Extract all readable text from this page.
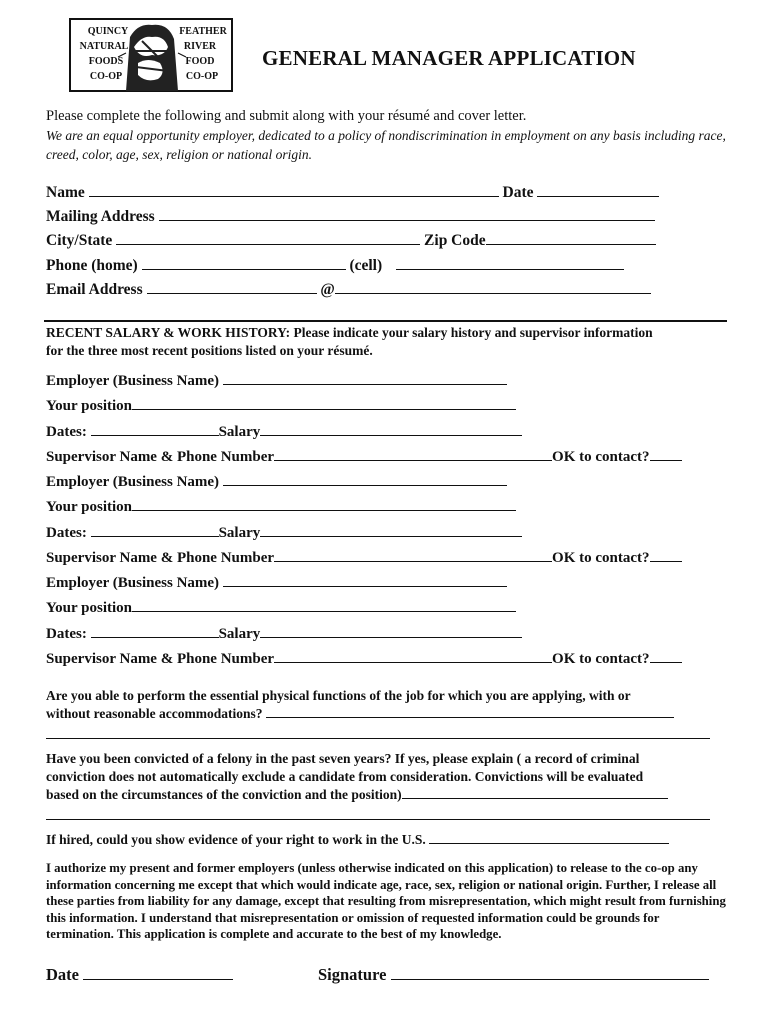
QUINCY
NATURAL
FOODS
CO-OP
FEATHER
RIVER
FOOD
CO-OP
GENERAL MANAGER APPLICATION
Please complete the following and submit along with your résumé and cover letter.
We are an equal opportunity employer, dedicated to a policy of nondiscrimination in employment on any basis including race,
creed, color, age, sex, religion or national origin.
Name	Date
Mailing Address
City/State	Zip Code
Phone (home)	(cell)
Email Address	@
RECENT SALARY & WORK HISTORY: Please indicate your salary history and supervisor information
for the three most recent positions listed on your résumé.
Employer (Business Name)
Your position
Dates:	Salary
Supervisor Name & Phone Number	OK to contact?
Employer (Business Name)
Your position
Dates:	Salary
Supervisor Name & Phone Number	OK to contact?
Employer (Business Name)
Your position
Dates:	Salary
Supervisor Name & Phone Number	OK to contact?
Are you able to perform the essential physical functions of the job for which you are applying, with or
without reasonable accommodations?
Have you been convicted of a felony in the past seven years? If yes, please explain ( a record of criminal
conviction does not automatically exclude a candidate from consideration. Convictions will be evaluated
based on the circumstances of the conviction and the position)
If hired, could you show evidence of your right to work in the U.S.
I authorize my present and former employers (unless otherwise indicated on this application) to release to the co-op any information concerning me except that which would indicate age, race, sex, religion or national origin. Further, I release all these parties from liability for any damage, except that resulting from misrepresentation, which might result from furnishing this information. I understand that misrepresentation or omission of requested information could be grounds for termination. This application is complete and accurate to the best of my knowledge.
Date	Signature
